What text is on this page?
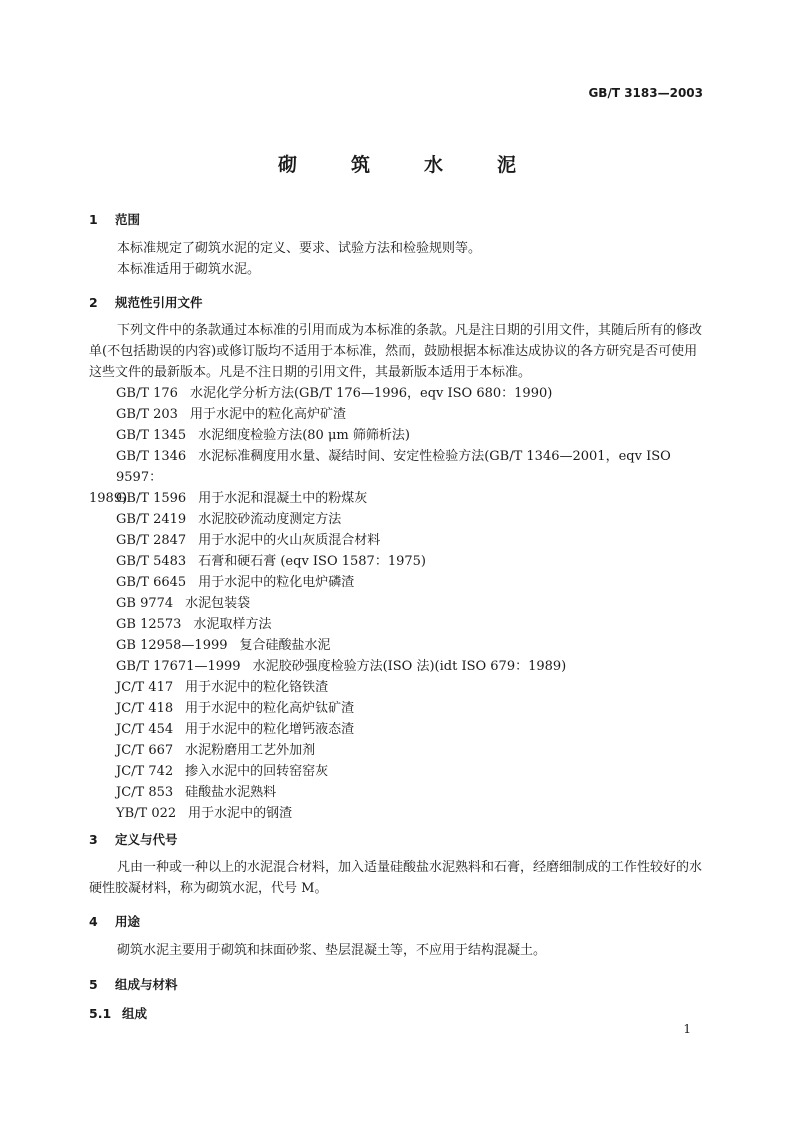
GB/T 3183—2003
砌	筑	水	泥
1 范围
本标准规定了砌筑水泥的定义、要求、试验方法和检验规则等。
本标准适用于砌筑水泥。
2 规范性引用文件
下列文件中的条款通过本标准的引用而成为本标准的条款。凡是注日期的引用文件，其随后所有的修改单(不包括勘误的内容)或修订版均不适用于本标准，然而，鼓励根据本标准达成协议的各方研究是否可使用这些文件的最新版本。凡是不注日期的引用文件，其最新版本适用于本标准。
GB/T 176 水泥化学分析方法(GB/T 176—1996，eqv ISO 680：1990)
GB/T 203 用于水泥中的粒化高炉矿渣
GB/T 1345 水泥细度检验方法(80 μm 筛筛析法)
GB/T 1346 水泥标准稠度用水量、凝结时间、安定性检验方法(GB/T 1346—2001，eqv ISO 9597：
1989)
GB/T 1596 用于水泥和混凝土中的粉煤灰
GB/T 2419 水泥胶砂流动度测定方法
GB/T 2847 用于水泥中的火山灰质混合材料
GB/T 5483 石膏和硬石膏 (eqv ISO 1587：1975)
GB/T 6645 用于水泥中的粒化电炉磷渣
GB 9774 水泥包装袋
GB 12573 水泥取样方法
GB 12958—1999 复合硅酸盐水泥
GB/T 17671—1999 水泥胶砂强度检验方法(ISO 法)(idt ISO 679：1989)
JC/T 417 用于水泥中的粒化铬铁渣
JC/T 418 用于水泥中的粒化高炉钛矿渣
JC/T 454 用于水泥中的粒化增钙液态渣
JC/T 667 水泥粉磨用工艺外加剂
JC/T 742 掺入水泥中的回转窑窑灰
JC/T 853 硅酸盐水泥熟料
YB/T 022 用于水泥中的钢渣
3 定义与代号
凡由一种或一种以上的水泥混合材料，加入适量硅酸盐水泥熟料和石膏，经磨细制成的工作性较好的水硬性胶凝材料，称为砌筑水泥，代号 M。
4 用途
砌筑水泥主要用于砌筑和抹面砂浆、垫层混凝土等，不应用于结构混凝土。
5 组成与材料
5.1 组成
1
